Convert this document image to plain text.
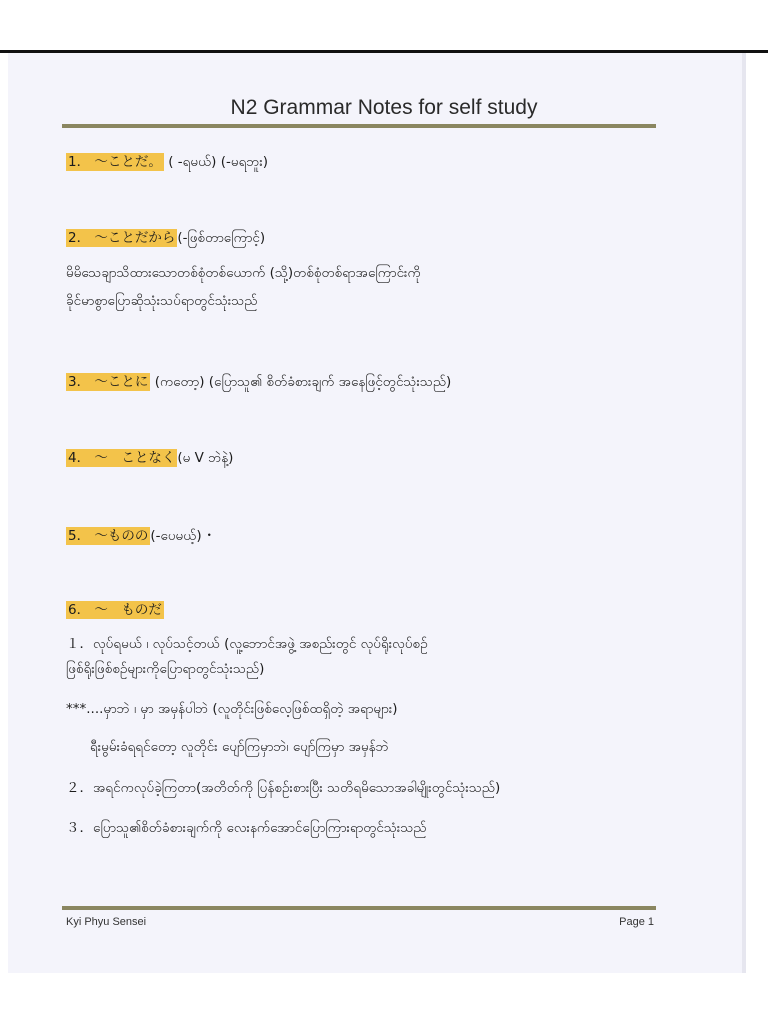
N2 Grammar Notes for self study
1． ～ことだ。 ( -ရမယ်) (-မရဘူး)
2． ～ことだから (-ဖြစ်တာကြောင့်)
မိမိသေချာသိထားသောတစ်စုံတစ်ယောက် (သို့)တစ်စုံတစ်ရာအကြောင်းကို
ခိုင်မာစွာပြောဆိုသုံးသပ်ရာတွင်သုံးသည်
3． ～ことに (ကတော့) (ပြောသူ၏ စိတ်ခံစားချက် အနေဖြင့်တွင်သုံးသည်)
4． ～　ことなく (မ V ဘဲနဲ့)
5． ～ものの (-ပေမယ့်) ･
6． ～　ものだ
１．လုပ်ရမယ် ၊ လုပ်သင့်တယ် (လူ့ဘောင်အဖွဲ့ အစည်းတွင် လုပ်ရိုးလုပ်စဉ်
ဖြစ်ရိုးဖြစ်စဉ်များကိုပြောရာတွင်သုံးသည်)
***....မှာဘဲ ၊ မှာ အမှန်ပါဘဲ (လူတိုင်းဖြစ်လေ့ဖြစ်ထရှိတဲ့ အရာများ)
ရီးမွမ်းခံရရင်တော့ လူတိုင်း ပျော်ကြမှာဘဲ၊ ပျော်ကြမှာ အမှန်ဘဲ
２．အရင်ကလုပ်ခဲ့ကြတာ(အတိတ်ကို ပြန်စဉ်းစားပြီး သတိရမိသောအခါမျိုးတွင်သုံးသည်)
３．ပြောသူ၏စိတ်ခံစားချက်ကို လေးနက်အောင်ပြောကြားရာတွင်သုံးသည်
Kyi Phyu Sensei	Page 1
